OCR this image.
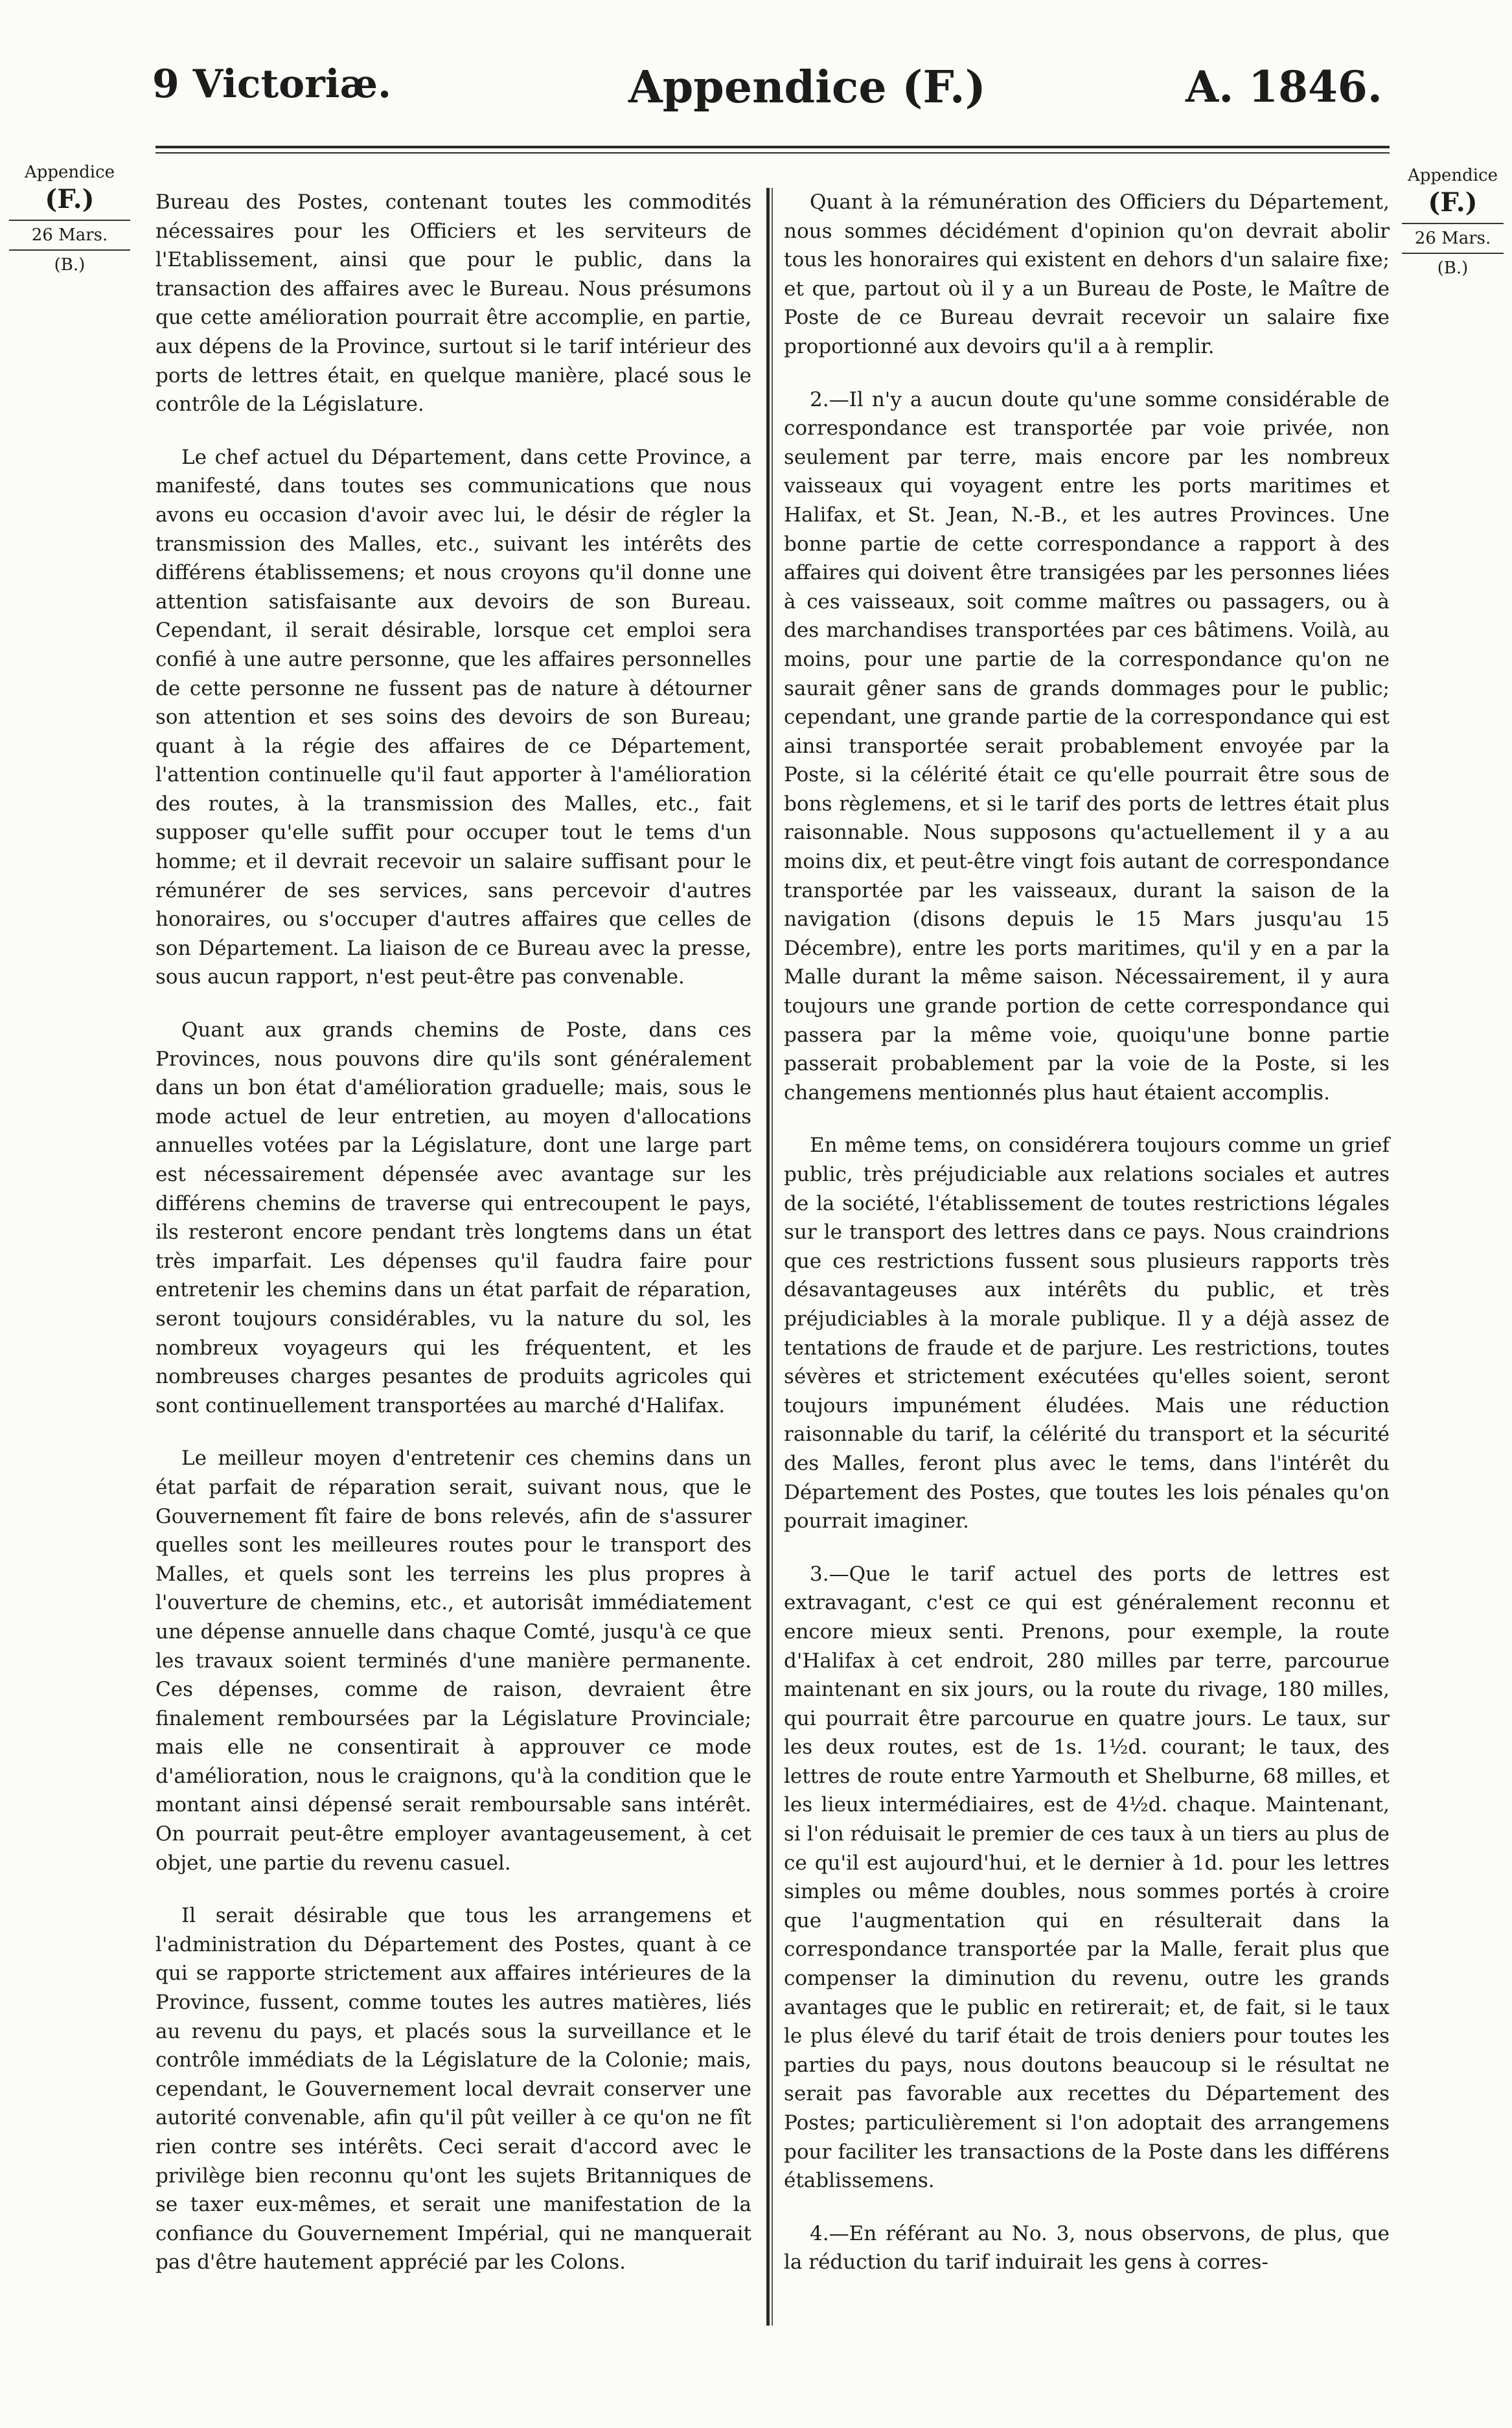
9 Victoriæ.	Appendice (F.)	A. 1846.
Appendice
(F.)
26 Mars.
(B.)
Appendice
(F.)
26 Mars.
(B.)

Bureau des Postes, contenant toutes les commodités nécessaires pour les Officiers et les serviteurs de l'Etablissement, ainsi que pour le public, dans la transaction des affaires avec le Bureau. Nous présumons que cette amélioration pourrait être accomplie, en partie, aux dépens de la Province, surtout si le tarif intérieur des ports de lettres était, en quelque manière, placé sous le contrôle de la Législature.

Le chef actuel du Département, dans cette Province, a manifesté, dans toutes ses communications que nous avons eu occasion d'avoir avec lui, le désir de régler la transmission des Malles, etc., suivant les intérêts des différens établissemens; et nous croyons qu'il donne une attention satisfaisante aux devoirs de son Bureau. Cependant, il serait désirable, lorsque cet emploi sera confié à une autre personne, que les affaires personnelles de cette personne ne fussent pas de nature à détourner son attention et ses soins des devoirs de son Bureau; quant à la régie des affaires de ce Département, l'attention continuelle qu'il faut apporter à l'amélioration des routes, à la transmission des Malles, etc., fait supposer qu'elle suffit pour occuper tout le tems d'un homme; et il devrait recevoir un salaire suffisant pour le rémunérer de ses services, sans percevoir d'autres honoraires, ou s'occuper d'autres affaires que celles de son Département. La liaison de ce Bureau avec la presse, sous aucun rapport, n'est peut-être pas convenable.

Quant aux grands chemins de Poste, dans ces Provinces, nous pouvons dire qu'ils sont généralement dans un bon état d'amélioration graduelle; mais, sous le mode actuel de leur entretien, au moyen d'allocations annuelles votées par la Législature, dont une large part est nécessairement dépensée avec avantage sur les différens chemins de traverse qui entrecoupent le pays, ils resteront encore pendant très longtems dans un état très imparfait. Les dépenses qu'il faudra faire pour entretenir les chemins dans un état parfait de réparation, seront toujours considérables, vu la nature du sol, les nombreux voyageurs qui les fréquentent, et les nombreuses charges pesantes de produits agricoles qui sont continuellement transportées au marché d'Halifax.

Le meilleur moyen d'entretenir ces chemins dans un état parfait de réparation serait, suivant nous, que le Gouvernement fît faire de bons relevés, afin de s'assurer quelles sont les meilleures routes pour le transport des Malles, et quels sont les terreins les plus propres à l'ouverture de chemins, etc., et autorisât immédiatement une dépense annuelle dans chaque Comté, jusqu'à ce que les travaux soient terminés d'une manière permanente. Ces dépenses, comme de raison, devraient être finalement remboursées par la Législature Provinciale; mais elle ne consentirait à approuver ce mode d'amélioration, nous le craignons, qu'à la condition que le montant ainsi dépensé serait remboursable sans intérêt. On pourrait peut-être employer avantageusement, à cet objet, une partie du revenu casuel.

Il serait désirable que tous les arrangemens et l'administration du Département des Postes, quant à ce qui se rapporte strictement aux affaires intérieures de la Province, fussent, comme toutes les autres matières, liés au revenu du pays, et placés sous la surveillance et le contrôle immédiats de la Législature de la Colonie; mais, cependant, le Gouvernement local devrait conserver une autorité convenable, afin qu'il pût veiller à ce qu'on ne fît rien contre ses intérêts. Ceci serait d'accord avec le privilège bien reconnu qu'ont les sujets Britanniques de se taxer eux-mêmes, et serait une manifestation de la confiance du Gouvernement Impérial, qui ne manquerait pas d'être hautement apprécié par les Colons.

Quant à la rémunération des Officiers du Département, nous sommes décidément d'opinion qu'on devrait abolir tous les honoraires qui existent en dehors d'un salaire fixe; et que, partout où il y a un Bureau de Poste, le Maître de Poste de ce Bureau devrait recevoir un salaire fixe proportionné aux devoirs qu'il a à remplir.

2.—Il n'y a aucun doute qu'une somme considérable de correspondance est transportée par voie privée, non seulement par terre, mais encore par les nombreux vaisseaux qui voyagent entre les ports maritimes et Halifax, et St. Jean, N.-B., et les autres Provinces. Une bonne partie de cette correspondance a rapport à des affaires qui doivent être transigées par les personnes liées à ces vaisseaux, soit comme maîtres ou passagers, ou à des marchandises transportées par ces bâtimens. Voilà, au moins, pour une partie de la correspondance qu'on ne saurait gêner sans de grands dommages pour le public; cependant, une grande partie de la correspondance qui est ainsi transportée serait probablement envoyée par la Poste, si la célérité était ce qu'elle pourrait être sous de bons règlemens, et si le tarif des ports de lettres était plus raisonnable. Nous supposons qu'actuellement il y a au moins dix, et peut-être vingt fois autant de correspondance transportée par les vaisseaux, durant la saison de la navigation (disons depuis le 15 Mars jusqu'au 15 Décembre), entre les ports maritimes, qu'il y en a par la Malle durant la même saison. Nécessairement, il y aura toujours une grande portion de cette correspondance qui passera par la même voie, quoiqu'une bonne partie passerait probablement par la voie de la Poste, si les changemens mentionnés plus haut étaient accomplis.

En même tems, on considérera toujours comme un grief public, très préjudiciable aux relations sociales et autres de la société, l'établissement de toutes restrictions légales sur le transport des lettres dans ce pays. Nous craindrions que ces restrictions fussent sous plusieurs rapports très désavantageuses aux intérêts du public, et très préjudiciables à la morale publique. Il y a déjà assez de tentations de fraude et de parjure. Les restrictions, toutes sévères et strictement exécutées qu'elles soient, seront toujours impunément éludées. Mais une réduction raisonnable du tarif, la célérité du transport et la sécurité des Malles, feront plus avec le tems, dans l'intérêt du Département des Postes, que toutes les lois pénales qu'on pourrait imaginer.

3.—Que le tarif actuel des ports de lettres est extravagant, c'est ce qui est généralement reconnu et encore mieux senti. Prenons, pour exemple, la route d'Halifax à cet endroit, 280 milles par terre, parcourue maintenant en six jours, ou la route du rivage, 180 milles, qui pourrait être parcourue en quatre jours. Le taux, sur les deux routes, est de 1s. 1½d. courant; le taux, des lettres de route entre Yarmouth et Shelburne, 68 milles, et les lieux intermédiaires, est de 4½d. chaque. Maintenant, si l'on réduisait le premier de ces taux à un tiers au plus de ce qu'il est aujourd'hui, et le dernier à 1d. pour les lettres simples ou même doubles, nous sommes portés à croire que l'augmentation qui en résulterait dans la correspondance transportée par la Malle, ferait plus que compenser la diminution du revenu, outre les grands avantages que le public en retirerait; et, de fait, si le taux le plus élevé du tarif était de trois deniers pour toutes les parties du pays, nous doutons beaucoup si le résultat ne serait pas favorable aux recettes du Département des Postes; particulièrement si l'on adoptait des arrangemens pour faciliter les transactions de la Poste dans les différens établissemens.

4.—En référant au No. 3, nous observons, de plus, que la réduction du tarif induirait les gens à corres-
